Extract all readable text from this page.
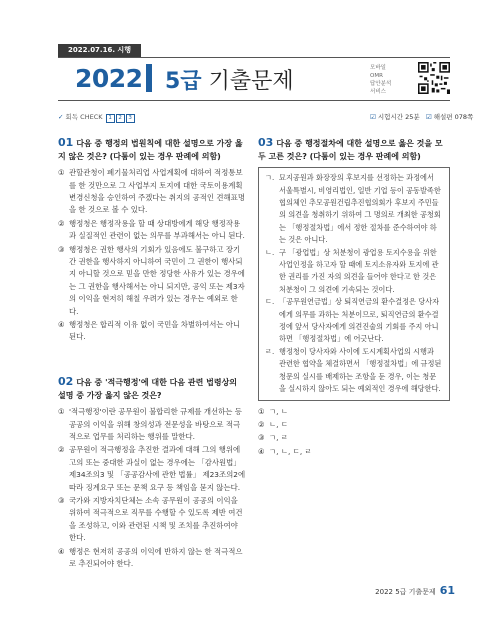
2022.07.16. 시행
2022 5급 기출문제
모바일
OMR
답안분석
서비스
✓ 회독 CHECK 1 2 3	☑ 시험시간 25분 ☑ 해설편 078쪽
01 다음 중 행정의 법원칙에 대한 설명으로 가장 옳지 않은 것은? (다툼이 있는 경우 판례에 의함)
① 관할관청이 폐기물처리업 사업계획에 대하여 적정통보를 한 것만으로 그 사업부지 토지에 대한 국토이용계획변경신청을 승인하여 주겠다는 취지의 공적인 견해표명을 한 것으로 볼 수 있다.
② 행정청은 행정작용을 할 때 상대방에게 해당 행정작용과 실질적인 관련이 없는 의무를 부과해서는 아니 된다.
③ 행정청은 권한 행사의 기회가 있음에도 불구하고 장기간 권한을 행사하지 아니하여 국민이 그 권한이 행사되지 아니할 것으로 믿을 만한 정당한 사유가 있는 경우에는 그 권한을 행사해서는 아니 되지만, 공익 또는 제3자의 이익을 현저히 해칠 우려가 있는 경우는 예외로 한다.
④ 행정청은 합리적 이유 없이 국민을 차별하여서는 아니 된다.
02 다음 중 '적극행정'에 대한 다음 관련 법령상의 설명 중 가장 옳지 않은 것은?
① '적극행정'이란 공무원이 불합리한 규제를 개선하는 등 공공의 이익을 위해 창의성과 전문성을 바탕으로 적극적으로 업무를 처리하는 행위를 말한다.
② 공무원이 적극행정을 추진한 결과에 대해 그의 행위에 고의 또는 중대한 과실이 없는 경우에는 「감사원법」 제34조의3 및 「공공감사에 관한 법률」 제23조의2에 따라 징계요구 또는 문책 요구 등 책임을 묻지 않는다.
③ 국가와 지방자치단체는 소속 공무원이 공공의 이익을 위하여 적극적으로 직무를 수행할 수 있도록 제반 여건을 조성하고, 이와 관련된 시책 및 조치를 추진하여야 한다.
④ 행정은 현저히 공공의 이익에 반하지 않는 한 적극적으로 추진되어야 한다.
03 다음 중 행정절차에 대한 설명으로 옳은 것을 모두 고른 것은? (다툼이 있는 경우 판례에 의함)
ㄱ. 묘지공원과 화장장의 후보지를 선정하는 과정에서 서울특별시, 비영리법인, 일반 기업 등이 공동발족한 협의체인 추모공원건립추진협의회가 후보지 주민들의 의견을 청취하기 위하여 그 명의로 개최한 공청회는 「행정절차법」에서 정한 절차를 준수하여야 하는 것은 아니다.
ㄴ. 구 「광업법」상 처분청이 광업용 토지수용을 위한 사업인정을 하고자 할 때에 토지소유자와 토지에 관한 권리를 가진 자의 의견을 들어야 한다고 한 것은 처분청이 그 의견에 기속되는 것이다.
ㄷ. 「공무원연금법」상 퇴직연금의 환수결정은 당사자에게 의무를 과하는 처분이므로, 퇴직연금의 환수결정에 앞서 당사자에게 의견진술의 기회를 주지 아니하면 「행정절차법」에 어긋난다.
ㄹ. 행정청이 당사자와 사이에 도시계획사업의 시행과 관련한 협약을 체결하면서 「행정절차법」에 규정된 청문의 실시를 배제하는 조항을 둔 경우, 이는 청문을 실시하지 않아도 되는 예외적인 경우에 해당한다.
① ㄱ, ㄴ
② ㄴ, ㄷ
③ ㄱ, ㄹ
④ ㄱ, ㄴ, ㄷ, ㄹ
2022 5급 기출문제 61
